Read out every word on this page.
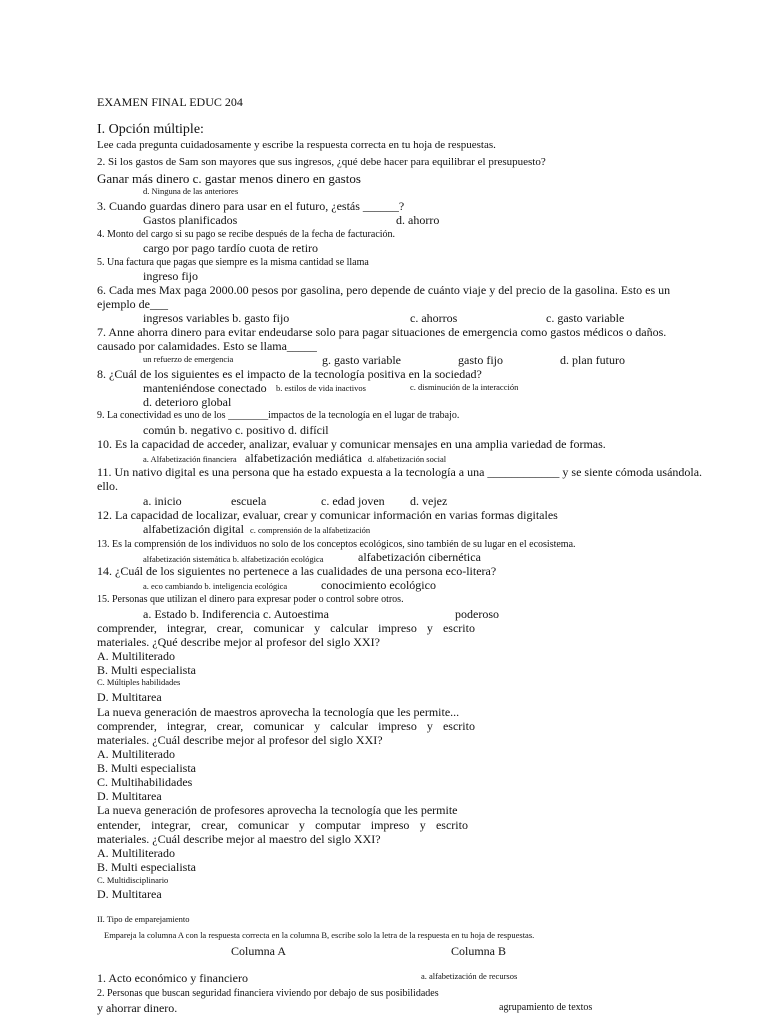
EXAMEN FINAL EDUC 204
I. Opción múltiple:
Lee cada pregunta cuidadosamente y escribe la respuesta correcta en tu hoja de respuestas.
2. Si los gastos de Sam son mayores que sus ingresos, ¿qué debe hacer para equilibrar el presupuesto?
Ganar más dinero c. gastar menos dinero en gastos
d. Ninguna de las anteriores
3. Cuando guardas dinero para usar en el futuro, ¿estás ______?
Gastos planificados	d. ahorro
4. Monto del cargo si su pago se recibe después de la fecha de facturación.
cargo por pago tardío cuota de retiro
5. Una factura que pagas que siempre es la misma cantidad se llama
ingreso fijo
6. Cada mes Max paga 2000.00 pesos por gasolina, pero depende de cuánto viaje y del precio de la gasolina. Esto es un
ejemplo de___
ingresos variables b. gasto fijo	c. ahorros	c. gasto variable
7. Anne ahorra dinero para evitar endeudarse solo para pagar situaciones de emergencia como gastos médicos o daños.
causado por calamidades. Esto se llama_____
un refuerzo de emergencia	g. gasto variable	gasto fijo	d. plan futuro
8. ¿Cuál de los siguientes es el impacto de la tecnología positiva en la sociedad?
manteniéndose conectado b. estilos de vida inactivos	c. disminución de la interacción
d. deterioro global
9. La conectividad es uno de los ________impactos de la tecnología en el lugar de trabajo.
común b. negativo c. positivo d. difícil
10. Es la capacidad de acceder, analizar, evaluar y comunicar mensajes en una amplia variedad de formas.
a. Alfabetización financiera alfabetización mediática d. alfabetización social
11. Un nativo digital es una persona que ha estado expuesta a la tecnología a una ____________ y se siente cómoda usándola.
ello.
a. inicio	escuela	c. edad joven d. vejez
12. La capacidad de localizar, evaluar, crear y comunicar información en varias formas digitales
alfabetización digital c. comprensión de la alfabetización
13. Es la comprensión de los individuos no solo de los conceptos ecológicos, sino también de su lugar en el ecosistema.
alfabetización sistemática b. alfabetización ecológica	alfabetización cibernética
14. ¿Cuál de los siguientes no pertenece a las cualidades de una persona eco-litera?
a. eco cambiando b. inteligencia ecológica	conocimiento ecológico
15. Personas que utilizan el dinero para expresar poder o control sobre otros.
a. Estado b. Indiferencia c. Autoestima	poderoso
comprender, integrar, crear, comunicar y calcular impreso y escrito
materiales. ¿Qué describe mejor al profesor del siglo XXI?
A. Multiliterado
B. Multi especialista
C. Múltiples habilidades
D. Multitarea
La nueva generación de maestros aprovecha la tecnología que les permite...
comprender, integrar, crear, comunicar y calcular impreso y escrito
materiales. ¿Cuál describe mejor al profesor del siglo XXI?
A. Multiliterado
B. Multi especialista
C. Multihabilidades
D. Multitarea
La nueva generación de profesores aprovecha la tecnología que les permite
entender, integrar, crear, comunicar y computar impreso y escrito
materiales. ¿Cuál describe mejor al maestro del siglo XXI?
A. Multiliterado
B. Multi especialista
C. Multidisciplinario
D. Multitarea
II. Tipo de emparejamiento
Empareja la columna A con la respuesta correcta en la columna B, escribe solo la letra de la respuesta en tu hoja de respuestas.
Columna A	Columna B
1. Acto económico y financiero	a. alfabetización de recursos
2. Personas que buscan seguridad financiera viviendo por debajo de sus posibilidades
y ahorrar dinero.	agrupamiento de textos
